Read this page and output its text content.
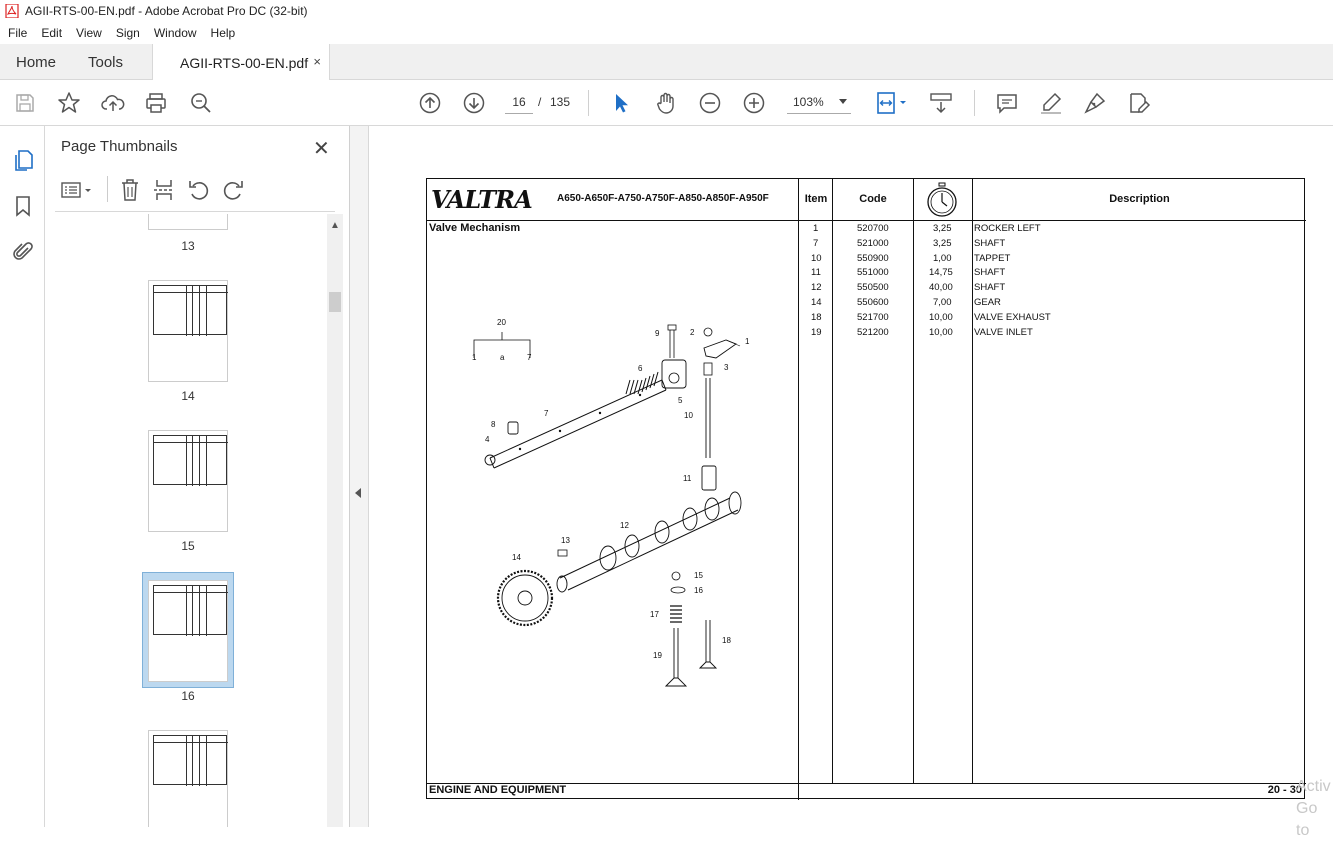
AGII-RTS-00-EN.pdf - Adobe Acrobat Pro DC (32-bit)
File	Edit	View	Sign	Window	Help
Home Tools	AGII-RTS-00-EN.pdf ×
16
/ 135	103%
Page Thumbnails	✕
13
14
15
16
▲
VALTRA	A650-A650F-A750-A750F-A850-A850F-A950F	Item	Code	Description
Valve Mechanism	1	520700	3,25 ROCKER LEFT
7	521000	3,25 SHAFT
10	550900	1,00 TAPPET
11	551000	14,75 SHAFT
12	550500	40,00 SHAFT
14	550600	7,00 GEAR
18	521700	10,00 VALVE EXHAUST
19	521200	10,00 VALVE INLET
ENGINE AND EQUIPMENT	20 - 30
20
1	a	7
9	2
1
6	3
5
7
8
4
10
11
12
13
14
15
16
17
18
19
Activ
Go to
